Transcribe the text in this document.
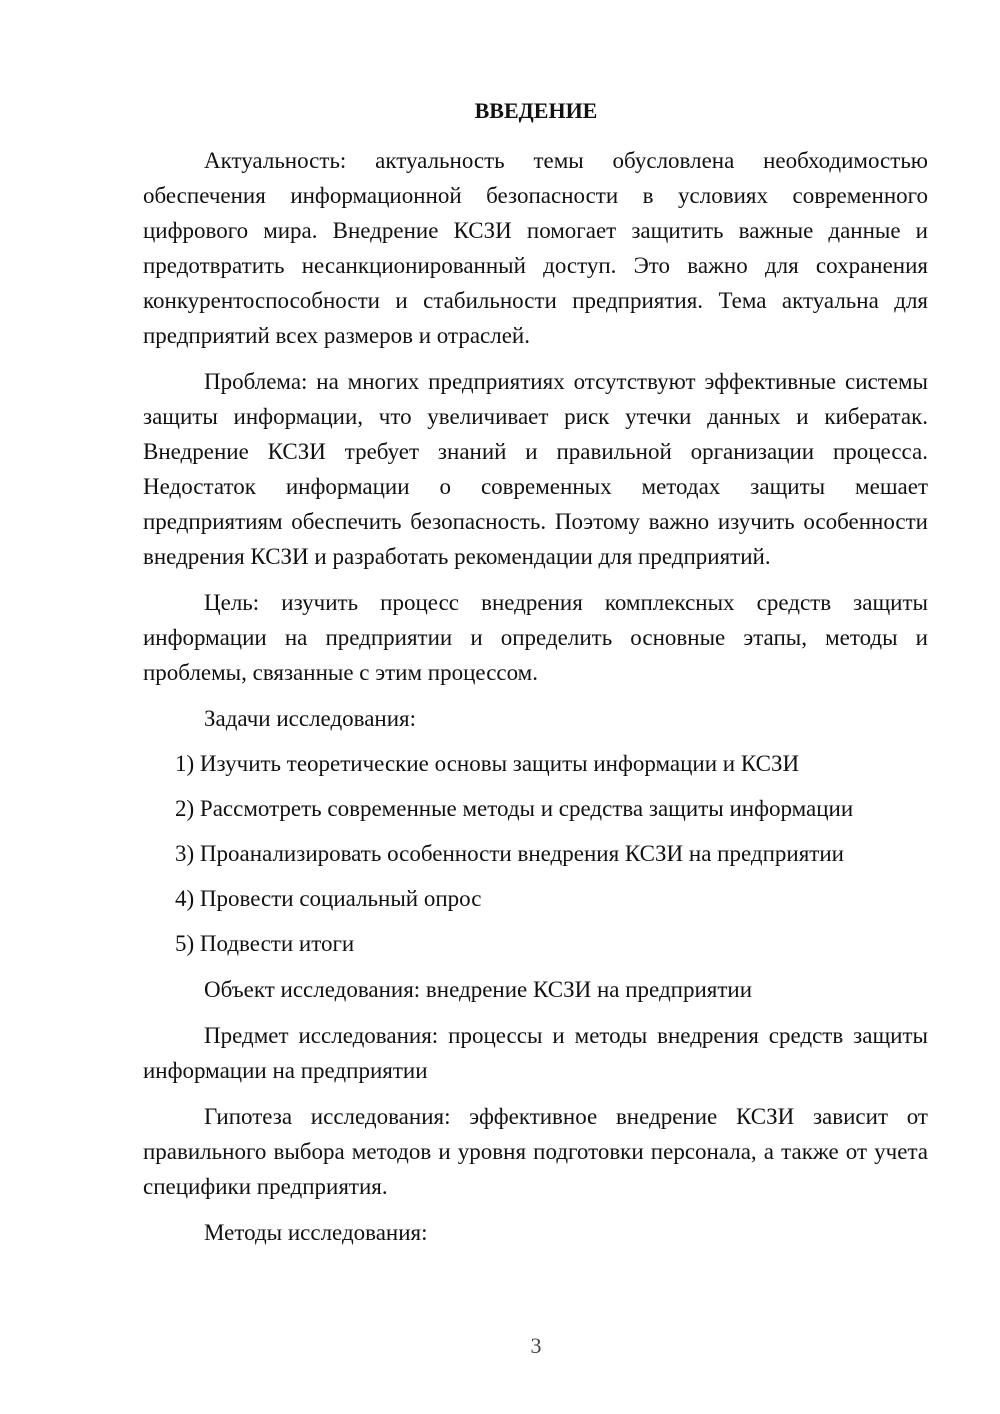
ВВЕДЕНИЕ

Актуальность: актуальность темы обусловлена необходимостью обеспечения информационной безопасности в условиях современного цифрового мира. Внедрение КСЗИ помогает защитить важные данные и предотвратить несанкционированный доступ. Это важно для сохранения конкурентоспособности и стабильности предприятия. Тема актуальна для предприятий всех размеров и отраслей.

Проблема: на многих предприятиях отсутствуют эффективные системы защиты информации, что увеличивает риск утечки данных и кибератак. Внедрение КСЗИ требует знаний и правильной организации процесса. Недостаток информации о современных методах защиты мешает предприятиям обеспечить безопасность. Поэтому важно изучить особенности внедрения КСЗИ и разработать рекомендации для предприятий.

Цель: изучить процесс внедрения комплексных средств защиты информации на предприятии и определить основные этапы, методы и проблемы, связанные с этим процессом.

Задачи исследования:

1) Изучить теоретические основы защиты информации и КСЗИ
2) Рассмотреть современные методы и средства защиты информации
3) Проанализировать особенности внедрения КСЗИ на предприятии
4) Провести социальный опрос
5) Подвести итоги

Объект исследования: внедрение КСЗИ на предприятии

Предмет исследования: процессы и методы внедрения средств защиты информации на предприятии

Гипотеза исследования: эффективное внедрение КСЗИ зависит от правильного выбора методов и уровня подготовки персонала, а также от учета специфики предприятия.

Методы исследования:

3
